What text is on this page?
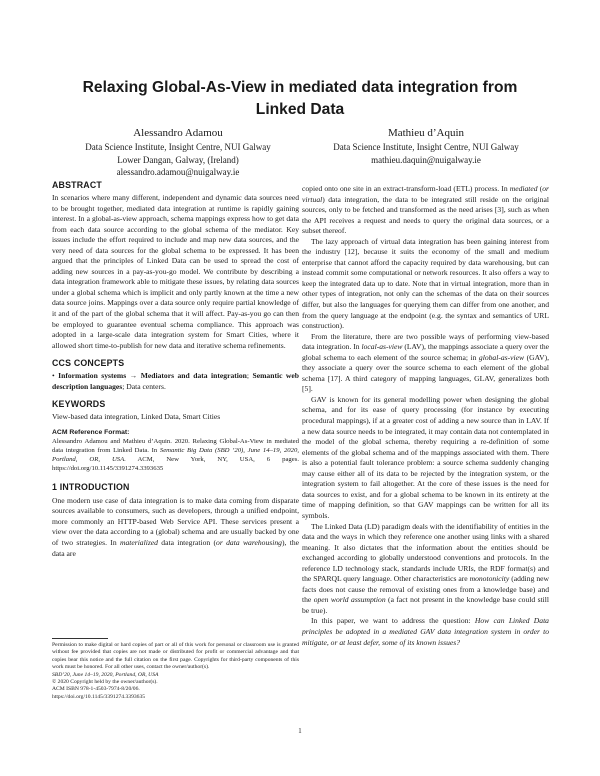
Relaxing Global-As-View in mediated data integration from Linked Data
Alessandro Adamou
Data Science Institute, Insight Centre, NUI Galway
Lower Dangan, Galway, (Ireland)
alessandro.adamou@nuigalway.ie
Mathieu d’Aquin
Data Science Institute, Insight Centre, NUI Galway
mathieu.daquin@nuigalway.ie
ABSTRACT

In scenarios where many different, independent and dynamic data sources need to be brought together, mediated data integration at runtime is rapidly gaining interest. In a global-as-view approach, schema mappings express how to get data from each data source according to the global schema of the mediator. Key issues include the effort required to include and map new data sources, and the very need of data sources for the global schema to be expressed. It has been argued that the principles of Linked Data can be used to spread the cost of adding new sources in a pay-as-you-go model. We contribute by describing a data integration framework able to mitigate these issues, by relating data sources under a global schema which is implicit and only partly known at the time a new data source joins. Mappings over a data source only require partial knowledge of it and of the part of the global schema that it will affect. Pay-as-you go can then be employed to guarantee eventual schema compliance. This approach was adopted in a large-scale data integration system for Smart Cities, where it allowed short time-to-publish for new data and iterative schema refinements.

CCS CONCEPTS

• Information systems → Mediators and data integration; Semantic web description languages; Data centers.

KEYWORDS

View-based data integration, Linked Data, Smart Cities

ACM Reference Format:

Alessandro Adamou and Mathieu d’Aquin. 2020. Relaxing Global-As-View in mediated data integration from Linked Data. In Semantic Big Data (SBD ’20), June 14–19, 2020, Portland, OR, USA. ACM, New York, NY, USA, 6 pages. https://doi.org/10.1145/3391274.3393635

1 INTRODUCTION

One modern use case of data integration is to make data coming from disparate sources available to consumers, such as developers, through a unified endpoint, more commonly an HTTP-based Web Service API. These services present a view over the data according to a (global) schema and are usually backed by one of two strategies. In materialized data integration (or data warehousing), the data are

copied onto one site in an extract-transform-load (ETL) process. In mediated (or virtual) data integration, the data to be integrated still reside on the original sources, only to be fetched and transformed as the need arises [3], such as when the API receives a request and needs to query the original data sources, or a subset thereof.

The lazy approach of virtual data integration has been gaining interest from the industry [12], because it suits the economy of the small and medium enterprise that cannot afford the capacity required by data warehousing, but can instead commit some computational or network resources. It also offers a way to keep the integrated data up to date. Note that in virtual integration, more than in other types of integration, not only can the schemas of the data on their sources differ, but also the languages for querying them can differ from one another, and from the query language at the endpoint (e.g. the syntax and semantics of URL construction).

From the literature, there are two possible ways of performing view-based data integration. In local-as-view (LAV), the mappings associate a query over the global schema to each element of the source schema; in global-as-view (GAV), they associate a query over the source schema to each element of the global schema [17]. A third category of mapping languages, GLAV, generalizes both [5].

GAV is known for its general modelling power when designing the global schema, and for its ease of query processing (for instance by executing procedural mappings), if at a greater cost of adding a new source than in LAV. If a new data source needs to be integrated, it may contain data not contemplated in the model of the global schema, thereby requiring a re-definition of some elements of the global schema and of the mappings associated with them. There is also a potential fault tolerance problem: a source schema suddenly changing may cause either all of its data to be rejected by the integration system, or the integration system to fail altogether. At the core of these issues is the need for data sources to exist, and for a global schema to be known in its entirety at the time of mapping definition, so that GAV mappings can be written for all its symbols.

The Linked Data (LD) paradigm deals with the identifiability of entities in the data and the ways in which they reference one another using links with a shared meaning. It also dictates that the information about the entities should be exchanged according to globally understood conventions and protocols. In the reference LD technology stack, standards include URIs, the RDF format(s) and the SPARQL query language. Other characteristics are monotonicity (adding new facts does not cause the removal of existing ones from a knowledge base) and the open world assumption (a fact not present in the knowledge base could still be true).

In this paper, we want to address the question: How can Linked Data principles be adopted in a mediated GAV data integration system in order to mitigate, or at least defer, some of its known issues?

Permission to make digital or hard copies of part or all of this work for personal or classroom use is granted without fee provided that copies are not made or distributed for profit or commercial advantage and that copies bear this notice and the full citation on the first page. Copyrights for third-party components of this work must be honored. For all other uses, contact the owner/author(s).

SBD’20, June 14–19, 2020, Portland, OR, USA

© 2020 Copyright held by the owner/author(s).

ACM ISBN 978-1-4503-7974-8/20/06.

https://doi.org/10.1145/3391274.3393635

1
